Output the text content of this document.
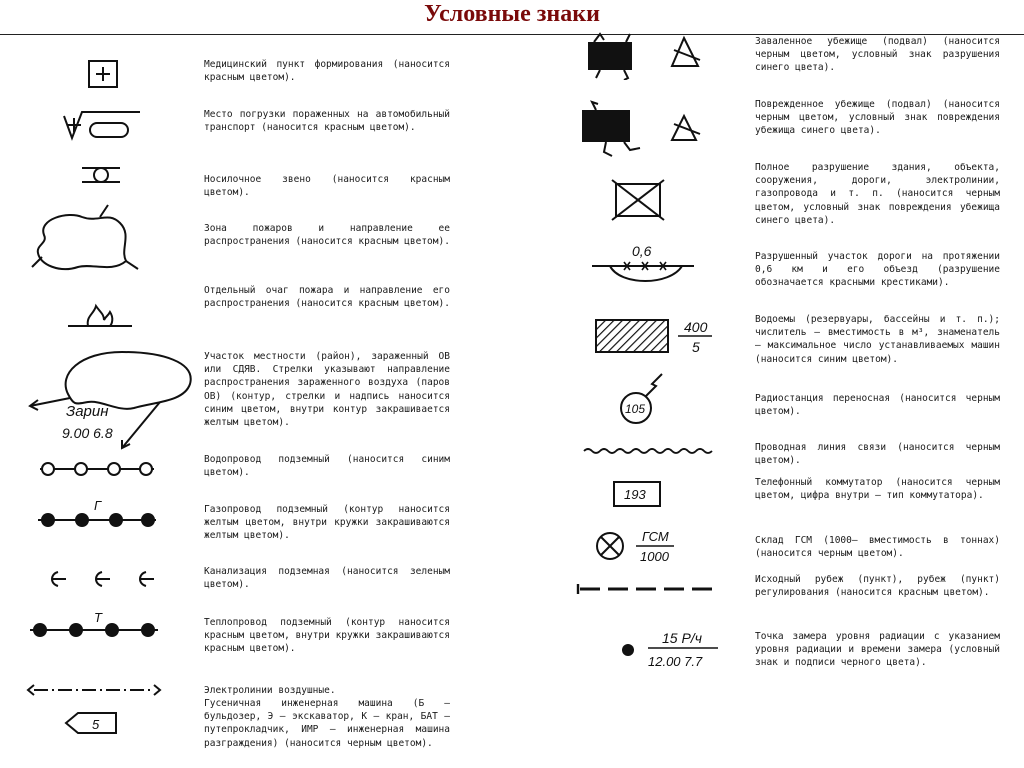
Условные знаки
Медицинский пункт формирования (наносится красным цветом).
Место погрузки пораженных на автомобильный транспорт (наносится красным цветом).
Носилочное звено (наносится красным цветом).
Зона пожаров и направление ее распространения (наносится красным цветом).
Отдельный очаг пожара и направление его распространения (наносится красным цветом).
Зарин
9.00 6.8
Участок местности (район), зараженный ОВ или СДЯВ. Стрелки указывают направление распространения зараженного воздуха (паров ОВ) (контур, стрелки и надпись наносится синим цветом, внутри контур закрашивается желтым цветом).
Водопровод подземный (наносится синим цветом).
Г	Газопровод подземный (контур наносится желтым цветом, внутри кружки закрашиваются желтым цветом).
Канализация подземная (наносится зеленым цветом).
Т	Теплопровод подземный (контур наносится красным цветом, внутри кружки закрашиваются красным цветом).
Электролинии воздушные.
5
Гусеничная инженерная машина (Б — бульдозер, Э — экскаватор, К — кран, БАТ — путепрокладчик, ИМР — инженерная машина разграждения) (наносится черным цветом).
Заваленное убежище (подвал) (наносится черным цветом, условный знак разрушения синего цвета).
Поврежденное убежище (подвал) (наносится черным цветом, условный знак повреждения убежища синего цвета).
Полное разрушение здания, объекта, сооружения, дороги, электролинии, газопровода и т. п. (наносится черным цветом, условный знак повреждения убежища синего цвета).
0,6	Разрушенный участок дороги на протяжении 0,6 км и его объезд (разрушение обозначается красными крестиками).
400
5
Водоемы (резервуары, бассейны и т. п.); числитель — вместимость в м³, знаменатель — максимальное число устанавливаемых машин (наносится синим цветом).
105
Радиостанция переносная (наносится черным цветом).
Проводная линия связи (наносится черным цветом).
193
Телефонный коммутатор (наносится черным цветом, цифра внутри — тип коммутатора).
ГСМ
1000
Склад ГСМ (1000— вместимость в тоннах) (наносится черным цветом).
Исходный рубеж (пункт), рубеж (пункт) регулирования (наносится красным цветом).
15 Р/ч
12.00 7.7
Точка замера уровня радиации с указанием уровня радиации и времени замера (условный знак и подписи черного цвета).
